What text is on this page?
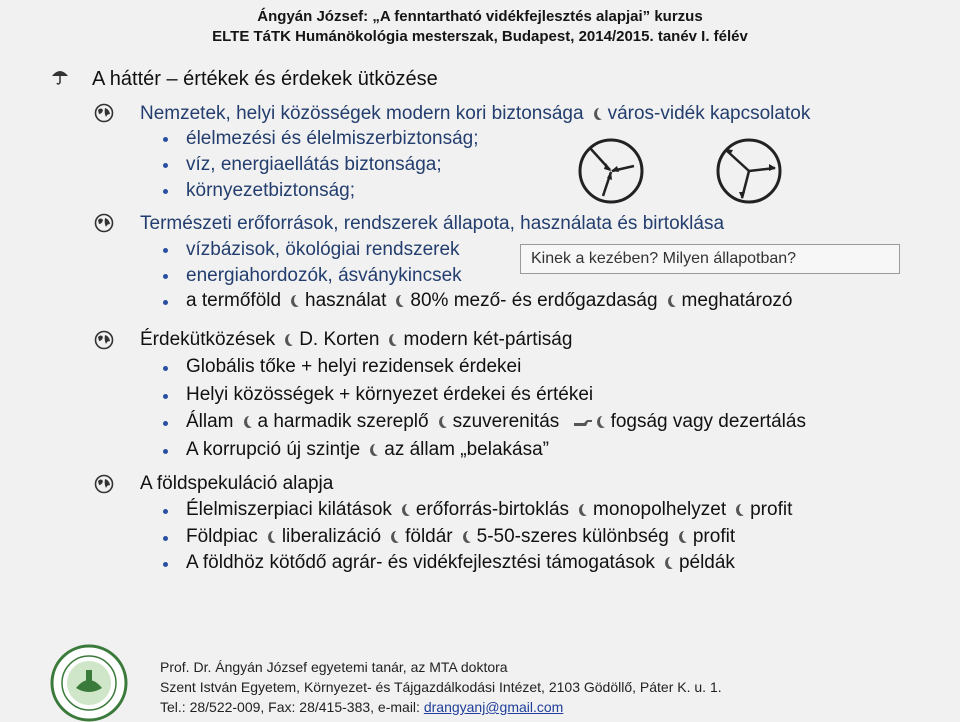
Ángyán József: „A fenntartható vidékfejlesztés alapjai” kurzus
ELTE TáTK Humánökológia mesterszak, Budapest, 2014/2015. tanév I. félév
A háttér – értékek és érdekek ütközése
Nemzetek, helyi közösségek modern kori biztonsága város-vidék kapcsolatok
élelmezési és élelmiszerbiztonság;
víz, energiaellátás biztonsága;
környezetbiztonság;
Természeti erőforrások, rendszerek állapota, használata és birtoklása
vízbázisok, ökológiai rendszerek
energiahordozók, ásványkincsek
Kinek a kezében? Milyen állapotban?
a termőföld használat 80% mező- és erdőgazdaság meghatározó
Érdekütközések D. Korten modern két-pártiság
Globális tőke + helyi rezidensek érdekei
Helyi közösségek + környezet érdekei és értékei
Állam a harmadik szereplő szuverenitás	fogság vagy dezertálás
A korrupció új szintje az állam „belakása”
A földspekuláció alapja
Élelmiszerpiaci kilátások erőforrás-birtoklás monopolhelyzet profit
Földpiac liberalizáció földár 5-50-szeres különbség profit
A földhöz kötődő agrár- és vidékfejlesztési támogatások példák
Prof. Dr. Ángyán József egyetemi tanár, az MTA doktora
Szent István Egyetem, Környezet- és Tájgazdálkodási Intézet, 2103 Gödöllő, Páter K. u. 1.
Tel.: 28/522-009, Fax: 28/415-383, e-mail: drangyanj@gmail.com
